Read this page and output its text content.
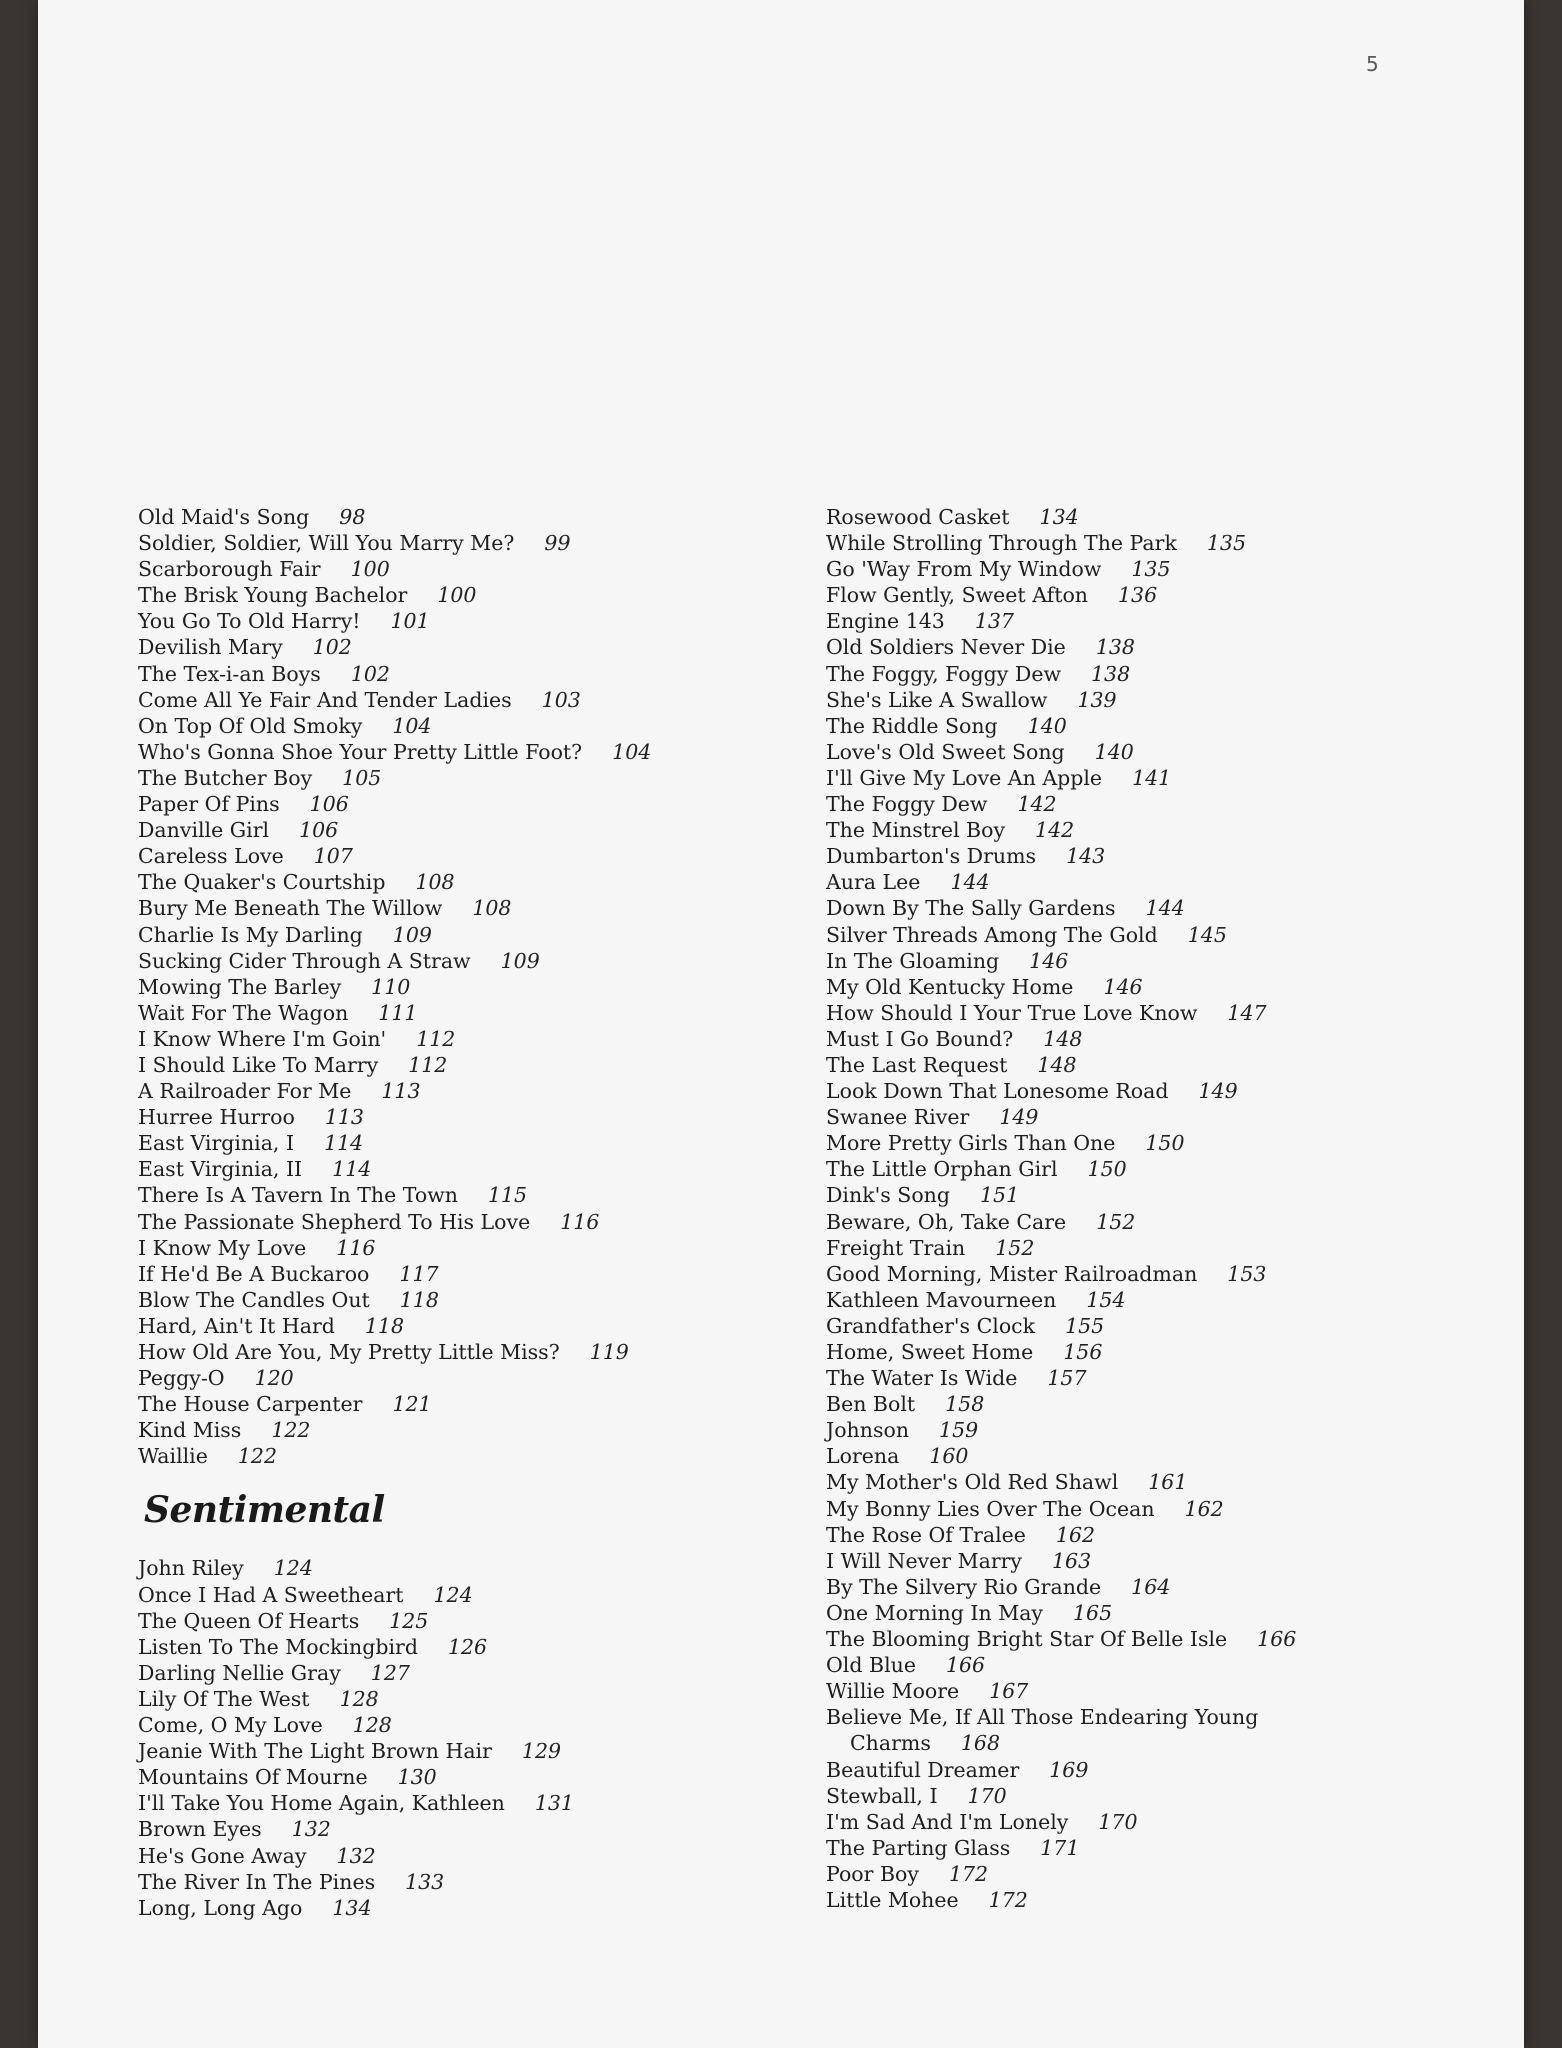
5
Old Maid's Song 98
Soldier, Soldier, Will You Marry Me? 99
Scarborough Fair 100
The Brisk Young Bachelor 100
You Go To Old Harry! 101
Devilish Mary 102
The Tex-i-an Boys 102
Come All Ye Fair And Tender Ladies 103
On Top Of Old Smoky 104
Who's Gonna Shoe Your Pretty Little Foot? 104
The Butcher Boy 105
Paper Of Pins 106
Danville Girl 106
Careless Love 107
The Quaker's Courtship 108
Bury Me Beneath The Willow 108
Charlie Is My Darling 109
Sucking Cider Through A Straw 109
Mowing The Barley 110
Wait For The Wagon 111
I Know Where I'm Goin' 112
I Should Like To Marry 112
A Railroader For Me 113
Hurree Hurroo 113
East Virginia, I 114
East Virginia, II 114
There Is A Tavern In The Town 115
The Passionate Shepherd To His Love 116
I Know My Love 116
If He'd Be A Buckaroo 117
Blow The Candles Out 118
Hard, Ain't It Hard 118
How Old Are You, My Pretty Little Miss? 119
Peggy-O 120
The House Carpenter 121
Kind Miss 122
Waillie 122
Sentimental
John Riley 124
Once I Had A Sweetheart 124
The Queen Of Hearts 125
Listen To The Mockingbird 126
Darling Nellie Gray 127
Lily Of The West 128
Come, O My Love 128
Jeanie With The Light Brown Hair 129
Mountains Of Mourne 130
I'll Take You Home Again, Kathleen 131
Brown Eyes 132
He's Gone Away 132
The River In The Pines 133
Long, Long Ago 134
Rosewood Casket 134
While Strolling Through The Park 135
Go 'Way From My Window 135
Flow Gently, Sweet Afton 136
Engine 143 137
Old Soldiers Never Die 138
The Foggy, Foggy Dew 138
She's Like A Swallow 139
The Riddle Song 140
Love's Old Sweet Song 140
I'll Give My Love An Apple 141
The Foggy Dew 142
The Minstrel Boy 142
Dumbarton's Drums 143
Aura Lee 144
Down By The Sally Gardens 144
Silver Threads Among The Gold 145
In The Gloaming 146
My Old Kentucky Home 146
How Should I Your True Love Know 147
Must I Go Bound? 148
The Last Request 148
Look Down That Lonesome Road 149
Swanee River 149
More Pretty Girls Than One 150
The Little Orphan Girl 150
Dink's Song 151
Beware, Oh, Take Care 152
Freight Train 152
Good Morning, Mister Railroadman 153
Kathleen Mavourneen 154
Grandfather's Clock 155
Home, Sweet Home 156
The Water Is Wide 157
Ben Bolt 158
Johnson 159
Lorena 160
My Mother's Old Red Shawl 161
My Bonny Lies Over The Ocean 162
The Rose Of Tralee 162
I Will Never Marry 163
By The Silvery Rio Grande 164
One Morning In May 165
The Blooming Bright Star Of Belle Isle 166
Old Blue 166
Willie Moore 167
Believe Me, If All Those Endearing Young Charms 168
Beautiful Dreamer 169
Stewball, I 170
I'm Sad And I'm Lonely 170
The Parting Glass 171
Poor Boy 172
Little Mohee 172
